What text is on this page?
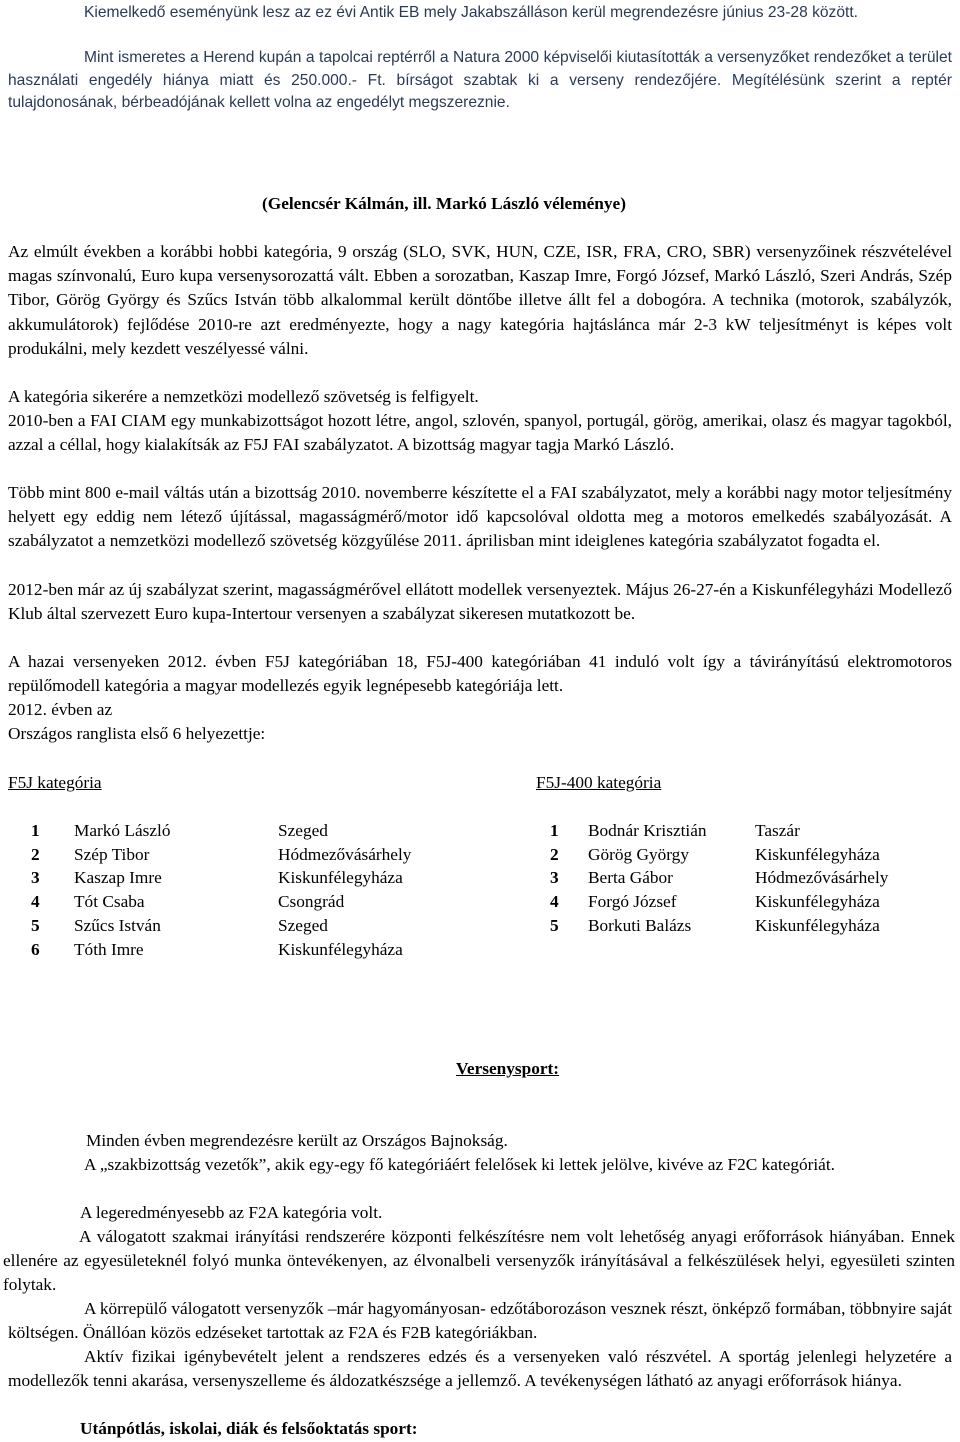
Kiemelkedő eseményünk lesz az ez évi Antik EB mely Jakabszálláson kerül megrendezésre június 23-28 között.

Mint ismeretes a Herend kupán a tapolcai reptérről a Natura 2000 képviselői kiutasították a versenyzőket rendezőket a terület használati engedély hiánya miatt és 250.000.- Ft. bírságot szabtak ki a verseny rendezőjére. Megítélésünk szerint a reptér tulajdonosának, bérbeadójának kellett volna az engedélyt megszereznie.

(Gelencsér Kálmán, ill. Markó László véleménye)

Az elmúlt években a korábbi hobbi kategória, 9 ország (SLO, SVK, HUN, CZE, ISR, FRA, CRO, SBR) versenyzőinek részvételével magas színvonalú, Euro kupa versenysorozattá vált. Ebben a sorozatban, Kaszap Imre, Forgó József, Markó László, Szeri András, Szép Tibor, Görög György és Szűcs István több alkalommal került döntőbe illetve állt fel a dobogóra. A technika (motorok, szabályzók, akkumulátorok) fejlődése 2010-re azt eredményezte, hogy a nagy kategória hajtáslánca már 2-3 kW teljesítményt is képes volt produkálni, mely kezdett veszélyessé válni.

A kategória sikerére a nemzetközi modellező szövetség is felfigyelt.

2010-ben a FAI CIAM egy munkabizottságot hozott létre, angol, szlovén, spanyol, portugál, görög, amerikai, olasz és magyar tagokból, azzal a céllal, hogy kialakítsák az F5J FAI szabályzatot. A bizottság magyar tagja Markó László.

Több mint 800 e-mail váltás után a bizottság 2010. novemberre készítette el a FAI szabályzatot, mely a korábbi nagy motor teljesítmény helyett egy eddig nem létező újítással, magasságmérő/motor idő kapcsolóval oldotta meg a motoros emelkedés szabályozását. A szabályzatot a nemzetközi modellező szövetség közgyűlése 2011. áprilisban mint ideiglenes kategória szabályzatot fogadta el.

2012-ben már az új szabályzat szerint, magasságmérővel ellátott modellek versenyeztek. Május 26-27-én a Kiskunfélegyházi Modellező Klub által szervezett Euro kupa-Intertour versenyen a szabályzat sikeresen mutatkozott be.

A hazai versenyeken 2012. évben F5J kategóriában 18, F5J-400 kategóriában 41 induló volt így a távirányítású elektromotoros repülőmodell kategória a magyar modellezés egyik legnépesebb kategóriája lett.

2012. évben az

Országos ranglista első 6 helyezettje:

F5J kategória	F5J-400 kategória

1	Markó László	Szeged
2	Szép Tibor	Hódmezővásárhely
3	Kaszap Imre	Kiskunfélegyháza
4	Tót Csaba	Csongrád
5	Szűcs István	Szeged
6	Tóth Imre	Kiskunfélegyháza
1	Bodnár Krisztián	Taszár
2	Görög György	Kiskunfélegyháza
3	Berta Gábor	Hódmezővásárhely
4	Forgó József	Kiskunfélegyháza
5	Borkuti Balázs	Kiskunfélegyháza

Versenysport:

Minden évben megrendezésre került az Országos Bajnokság.

A „szakbizottság vezetők”, akik egy-egy fő kategóriáért felelősek ki lettek jelölve, kivéve az F2C kategóriát.

A legeredményesebb az F2A kategória volt.

A válogatott szakmai irányítási rendszerére központi felkészítésre nem volt lehetőség anyagi erőforrások hiányában. Ennek ellenére az egyesületeknél folyó munka öntevékenyen, az élvonalbeli versenyzők irányításával a felkészülések helyi, egyesületi szinten folytak.

A körrepülő válogatott versenyzők –már hagyományosan- edzőtáborozáson vesznek részt, önképző formában, többnyire saját költségen. Önállóan közös edzéseket tartottak az F2A és F2B kategóriákban.

Aktív fizikai igénybevételt jelent a rendszeres edzés és a versenyeken való részvétel. A sportág jelenlegi helyzetére a modellezők tenni akarása, versenyszelleme és áldozatkészsége a jellemző. A tevékenységen látható az anyagi erőforrások hiánya.

Utánpótlás, iskolai, diák és felsőoktatás sport:
